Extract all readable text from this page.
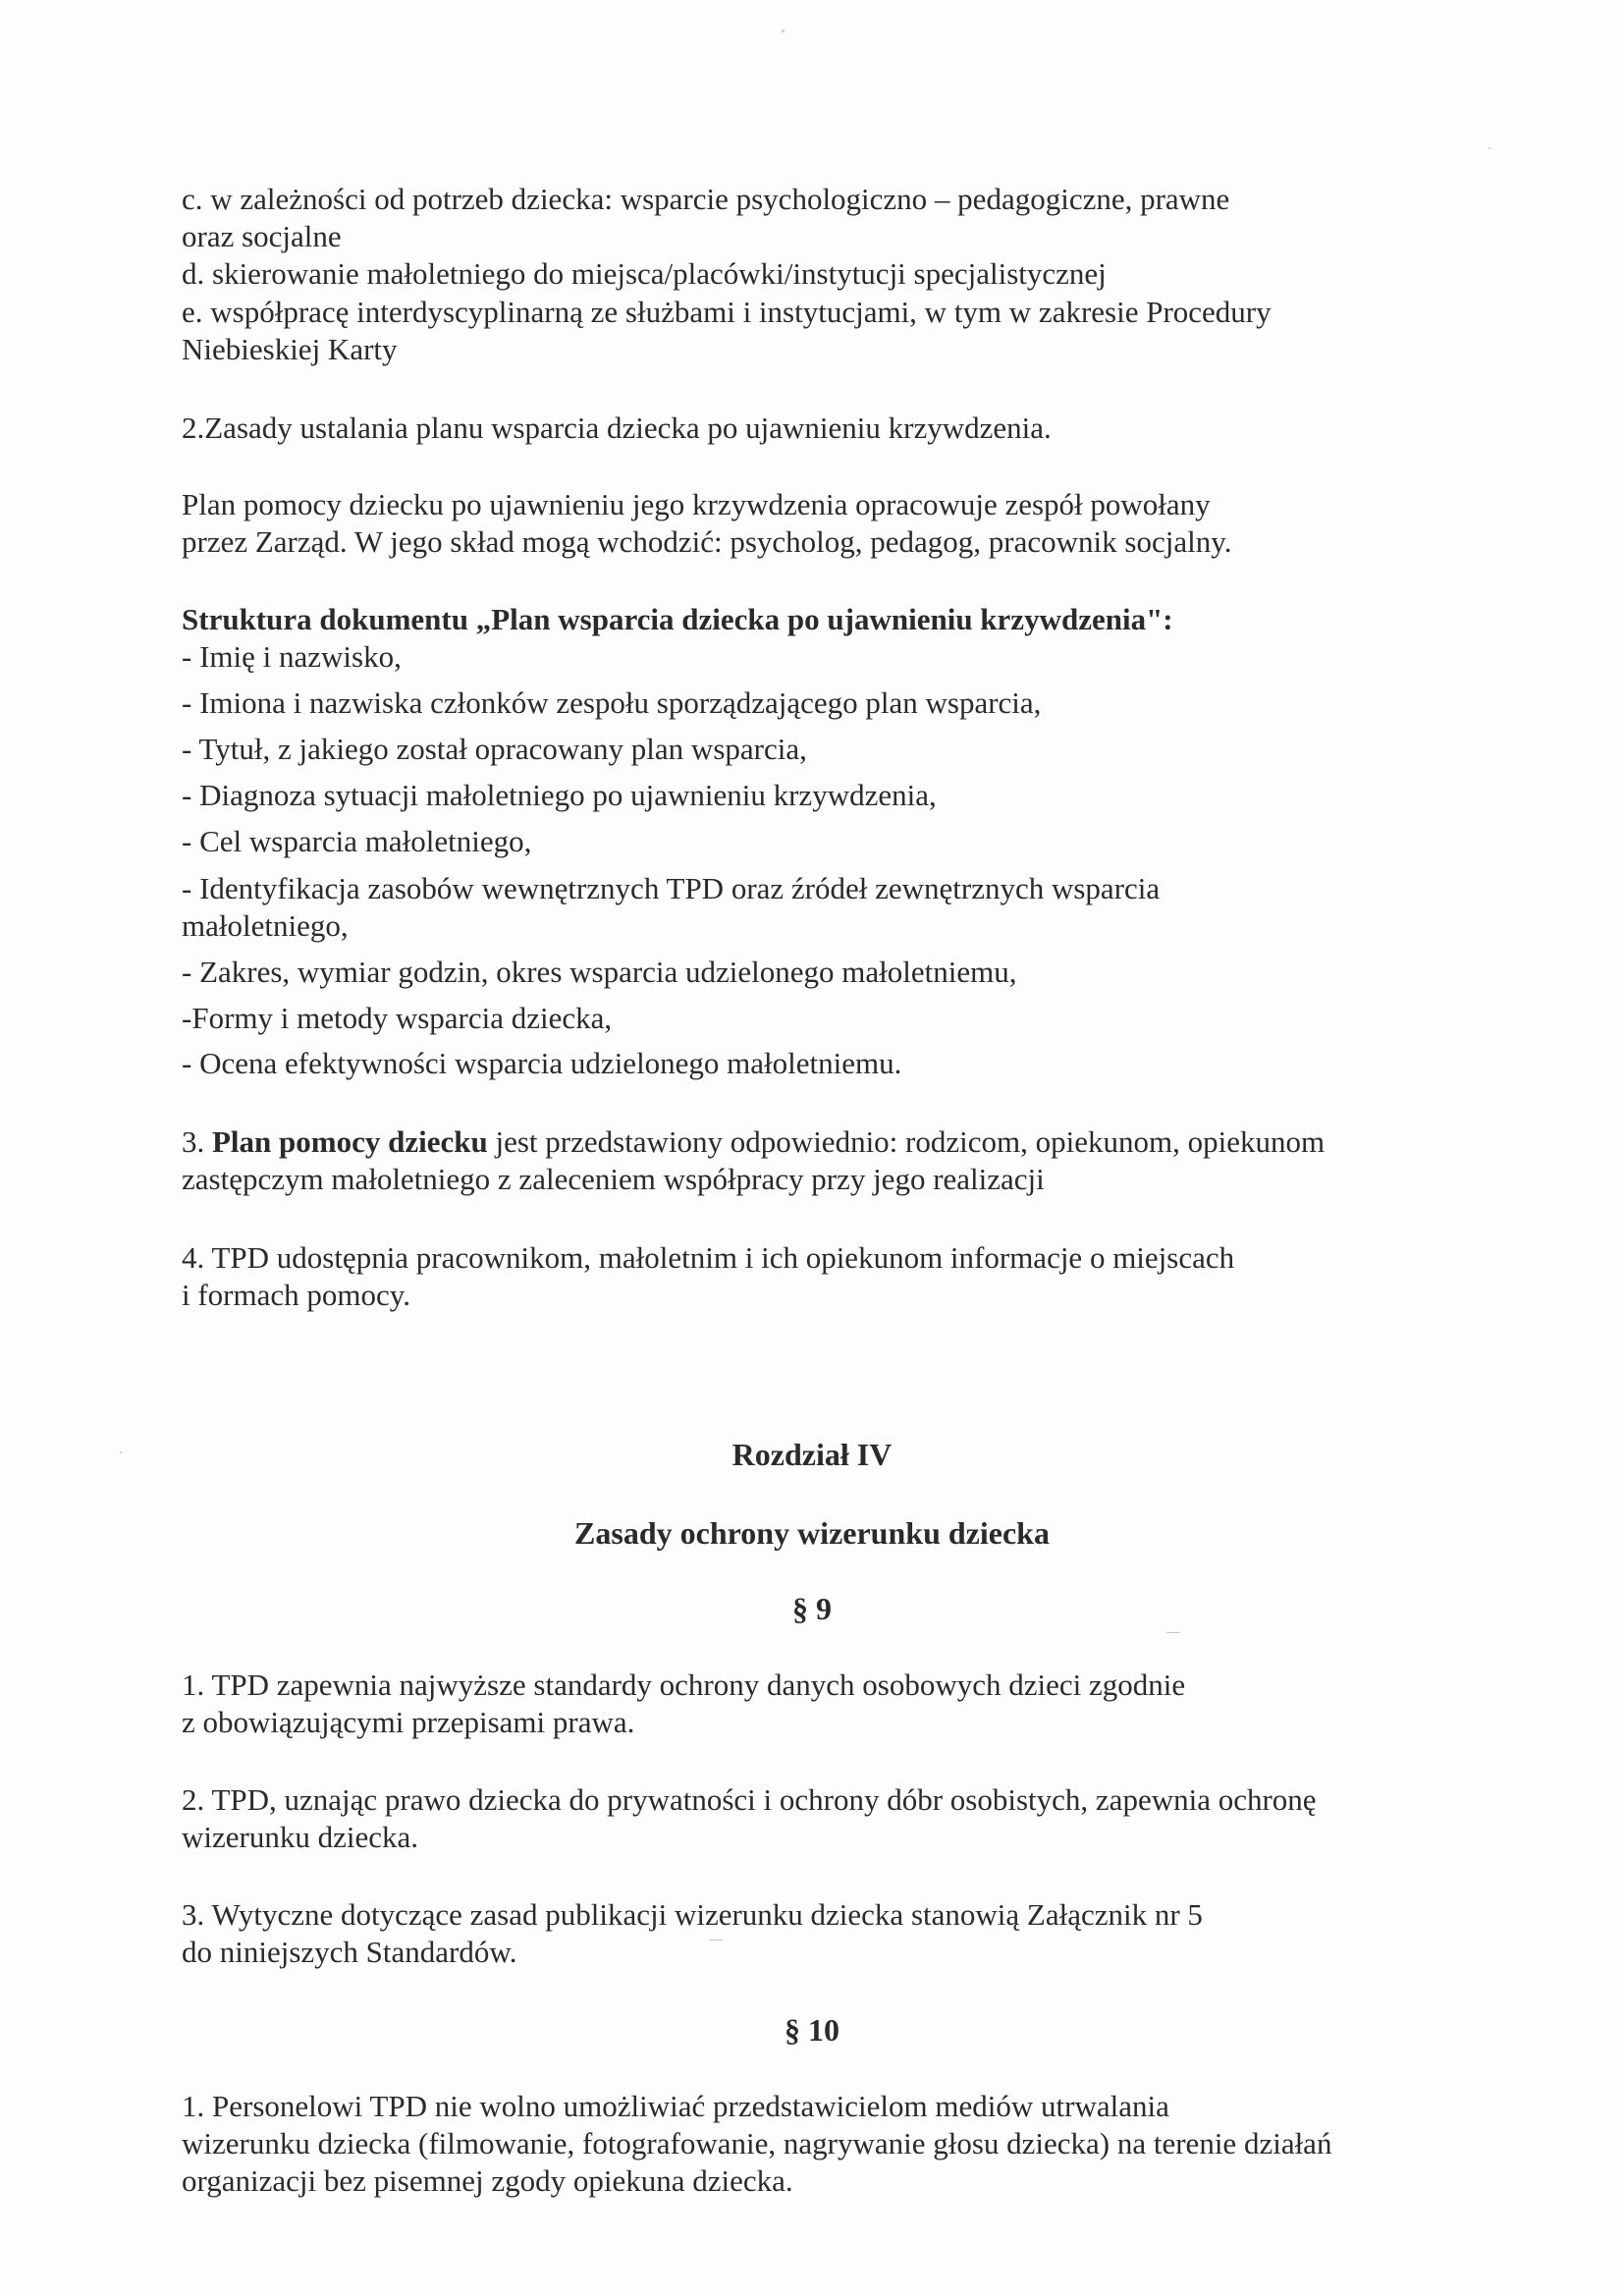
c. w zależności od potrzeb dziecka: wsparcie psychologiczno – pedagogiczne, prawne
oraz socjalne
d. skierowanie małoletniego do miejsca/placówki/instytucji specjalistycznej
e. współpracę interdyscyplinarną ze służbami i instytucjami, w tym w zakresie Procedury
Niebieskiej Karty
2.Zasady ustalania planu wsparcia dziecka po ujawnieniu krzywdzenia.
Plan pomocy dziecku po ujawnieniu jego krzywdzenia opracowuje zespół powołany
przez Zarząd. W jego skład mogą wchodzić: psycholog, pedagog, pracownik socjalny.
Struktura dokumentu „Plan wsparcia dziecka po ujawnieniu krzywdzenia":
- Imię i nazwisko,
- Imiona i nazwiska członków zespołu sporządzającego plan wsparcia,
- Tytuł, z jakiego został opracowany plan wsparcia,
- Diagnoza sytuacji małoletniego po ujawnieniu krzywdzenia,
- Cel wsparcia małoletniego,
- Identyfikacja zasobów wewnętrznych TPD oraz źródeł zewnętrznych wsparcia
małoletniego,
- Zakres, wymiar godzin, okres wsparcia udzielonego małoletniemu,
-Formy i metody wsparcia dziecka,
- Ocena efektywności wsparcia udzielonego małoletniemu.
3. Plan pomocy dziecku jest przedstawiony odpowiednio: rodzicom, opiekunom, opiekunom
zastępczym małoletniego z zaleceniem współpracy przy jego realizacji
4. TPD udostępnia pracownikom, małoletnim i ich opiekunom informacje o miejscach
i formach pomocy.
Rozdział IV
Zasady ochrony wizerunku dziecka
§ 9
1. TPD zapewnia najwyższe standardy ochrony danych osobowych dzieci zgodnie
z obowiązującymi przepisami prawa.
2. TPD, uznając prawo dziecka do prywatności i ochrony dóbr osobistych, zapewnia ochronę
wizerunku dziecka.
3. Wytyczne dotyczące zasad publikacji wizerunku dziecka stanowią Załącznik nr 5
do niniejszych Standardów.
§ 10
1. Personelowi TPD nie wolno umożliwiać przedstawicielom mediów utrwalania
wizerunku dziecka (filmowanie, fotografowanie, nagrywanie głosu dziecka) na terenie działań
organizacji bez pisemnej zgody opiekuna dziecka.
